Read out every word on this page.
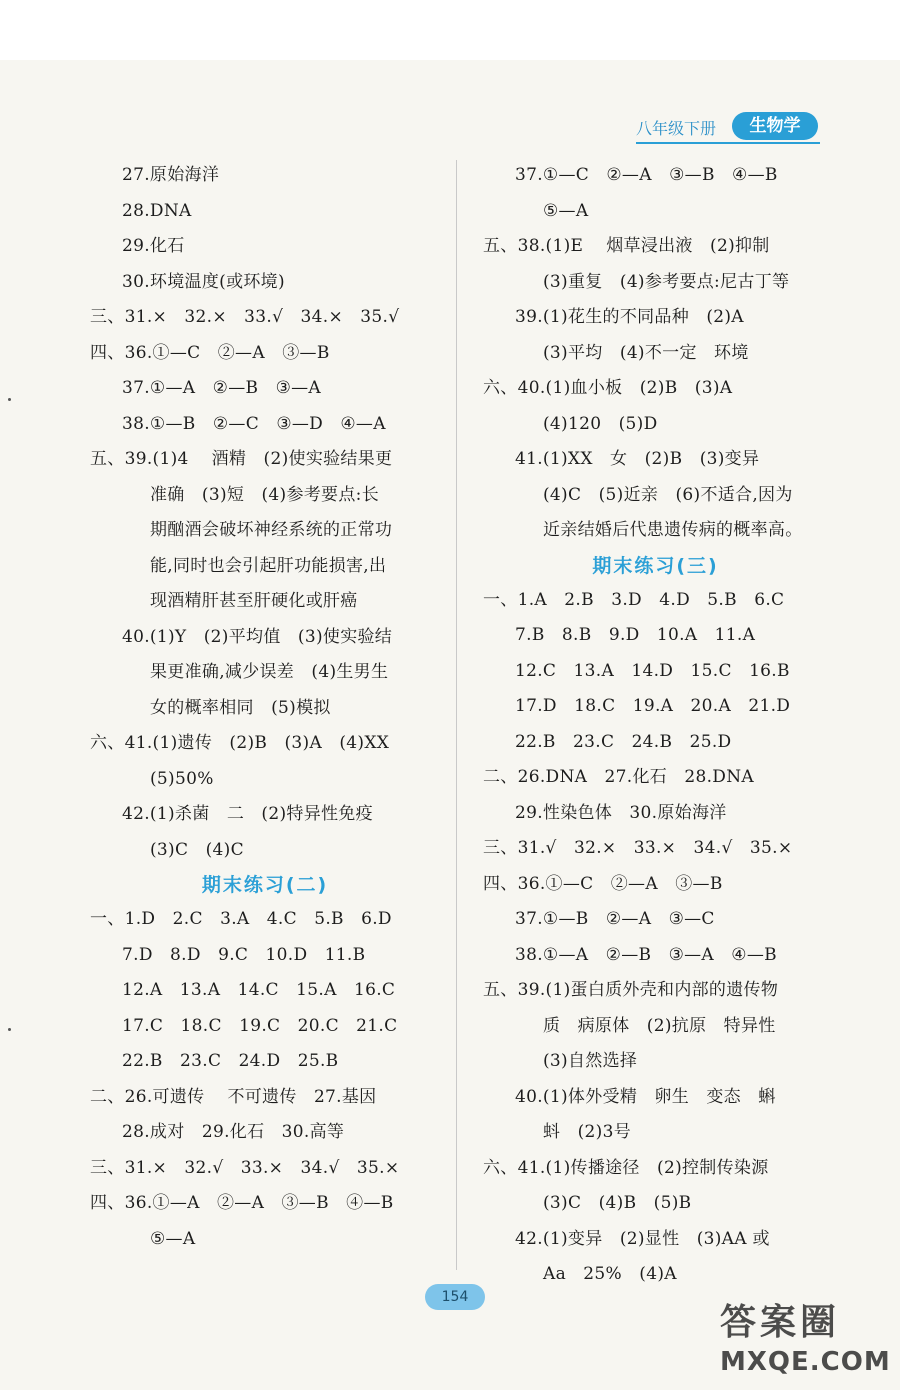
八年级下册	生物学
27.原始海洋
28.DNA
29.化石
30.环境温度(或环境)
三、31.×　32.×　33.√　34.×　35.√
四、36.①—C　②—A　③—B
37.①—A　②—B　③—A
38.①—B　②—C　③—D　④—A
五、39.(1)4　 酒精　(2)使实验结果更
准确　(3)短　(4)参考要点:长
期酗酒会破坏神经系统的正常功
能,同时也会引起肝功能损害,出
现酒精肝甚至肝硬化或肝癌
40.(1)Y　(2)平均值　(3)使实验结
果更准确,减少误差　(4)生男生
女的概率相同　(5)模拟
六、41.(1)遗传　(2)B　(3)A　(4)XX
(5)50%
42.(1)杀菌　二　(2)特异性免疫
(3)C　(4)C
期末练习(二)
一、1.D　2.C　3.A　4.C　5.B　6.D
7.D　8.D　9.C　10.D　11.B
12.A　13.A　14.C　15.A　16.C
17.C　18.C　19.C　20.C　21.C
22.B　23.C　24.D　25.B
二、26.可遗传　 不可遗传　27.基因
28.成对　29.化石　30.高等
三、31.×　32.√　33.×　34.√　35.×
四、36.①—A　②—A　③—B　④—B
⑤—A
37.①—C　②—A　③—B　④—B
⑤—A
五、38.(1)E　 烟草浸出液　(2)抑制
(3)重复　(4)参考要点:尼古丁等
39.(1)花生的不同品种　(2)A
(3)平均　(4)不一定　环境
六、40.(1)血小板　(2)B　(3)A
(4)120　(5)D
41.(1)XX　女　(2)B　(3)变异
(4)C　(5)近亲　(6)不适合,因为
近亲结婚后代患遗传病的概率高。
期末练习(三)
一、1.A　2.B　3.D　4.D　5.B　6.C
7.B　8.B　9.D　10.A　11.A
12.C　13.A　14.D　15.C　16.B
17.D　18.C　19.A　20.A　21.D
22.B　23.C　24.B　25.D
二、26.DNA　27.化石　28.DNA
29.性染色体　30.原始海洋
三、31.√　32.×　33.×　34.√　35.×
四、36.①—C　②—A　③—B
37.①—B　②—A　③—C
38.①—A　②—B　③—A　④—B
五、39.(1)蛋白质外壳和内部的遗传物
质　病原体　(2)抗原　特异性
(3)自然选择
40.(1)体外受精　卵生　变态　蝌
蚪　(2)3号
六、41.(1)传播途径　(2)控制传染源
(3)C　(4)B　(5)B
42.(1)变异　(2)显性　(3)AA 或
Aa　25%　(4)A
154
答案圈
MXQE.COM
